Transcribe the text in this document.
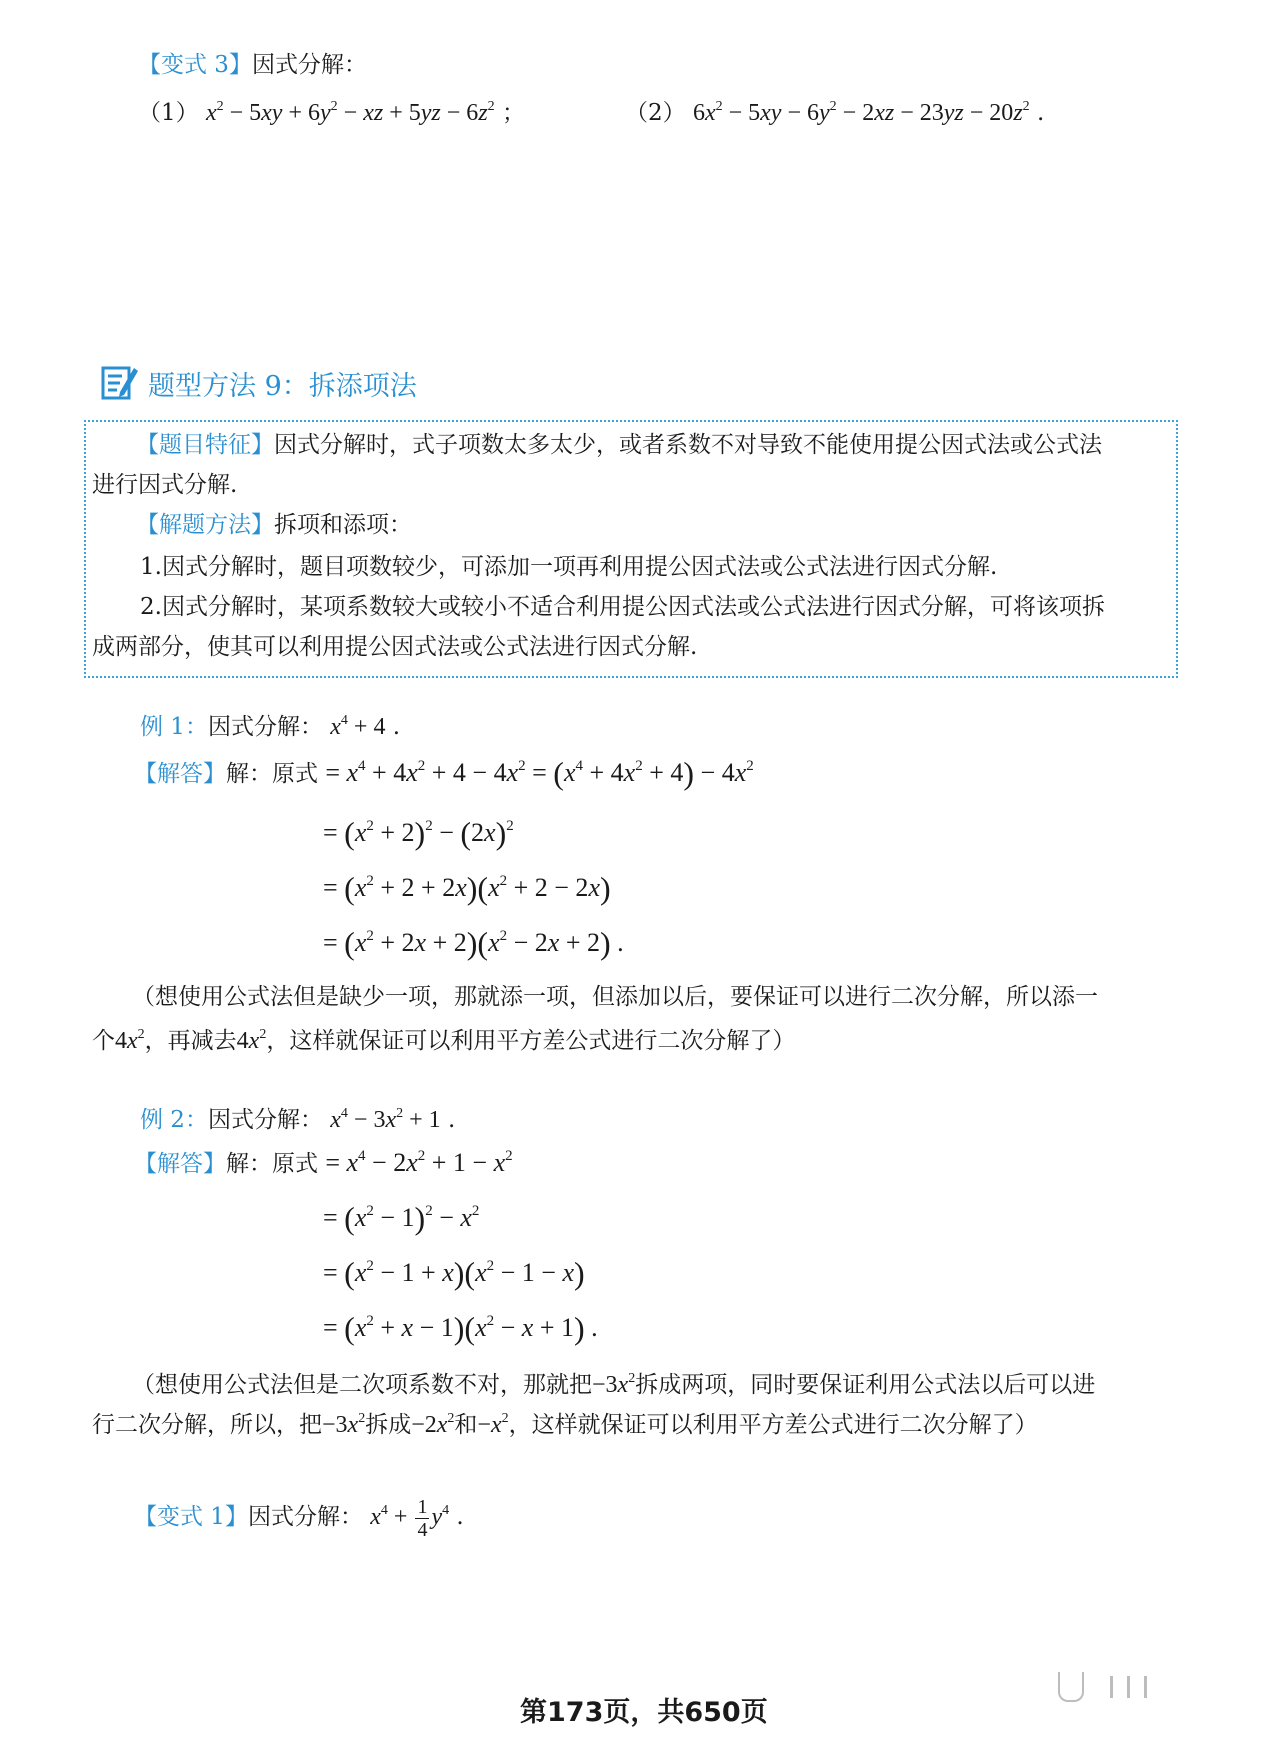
【变式 3】因式分解：
（1） $x^2 - 5xy + 6y^2$ − xz + $5yz - 6z^2$ ；	（2） $6x^2 - 5xy - 6y^2 - 2xz - 23yz - 20z^2$ .
题型方法 9：拆添项法
【题目特征】因式分解时，式子项数太多太少，或者系数不对导致不能使用提公因式法或公式法
进行因式分解.
【解题方法】拆项和添项：
1.因式分解时，题目项数较少，可添加一项再利用提公因式法或公式法进行因式分解.
2.因式分解时，某项系数较大或较小不适合利用提公因式法或公式法进行因式分解，可将该项拆
成两部分，使其可以利用提公因式法或公式法进行因式分解.
例 1：因式分解： $x^4 + 4$ .
【解答】解：原式 = $x^4 + 4x^2 + 4 - 4x^2 = (x^4 + 4x^2 + 4) - 4x^2$
= $(x^2 + 2)^2 - (2x)^2$
= $(x^2 + 2 + 2x)(x^2 + 2 - 2x)$
= $(x^2 + 2x + 2)(x^2 - 2x + 2)$ .
（想使用公式法但是缺少一项，那就添一项，但添加以后，要保证可以进行二次分解，所以添一
个$4x^2$，再减去$4x^2$，这样就保证可以利用平方差公式进行二次分解了）
例 2：因式分解： $x^4 - 3x^2 + 1$ .
【解答】解：原式 = $x^4 - 2x^2 + 1 - x^2$
= $(x^2 - 1)^2 - x^2$
= $(x^2 - 1 + x)(x^2 - 1 - x)$
= $(x^2 + x - 1)(x^2 - x + 1)$ .
（想使用公式法但是二次项系数不对，那就把$-3x^2$拆成两项，同时要保证利用公式法以后可以进
行二次分解，所以，把$-3x^2$拆成$-2x^2$和$-x^2$，这样就保证可以利用平方差公式进行二次分解了）
【变式 1】因式分解： $x^4 + \frac{1}{4} y^4$ .
第173页，共650页
